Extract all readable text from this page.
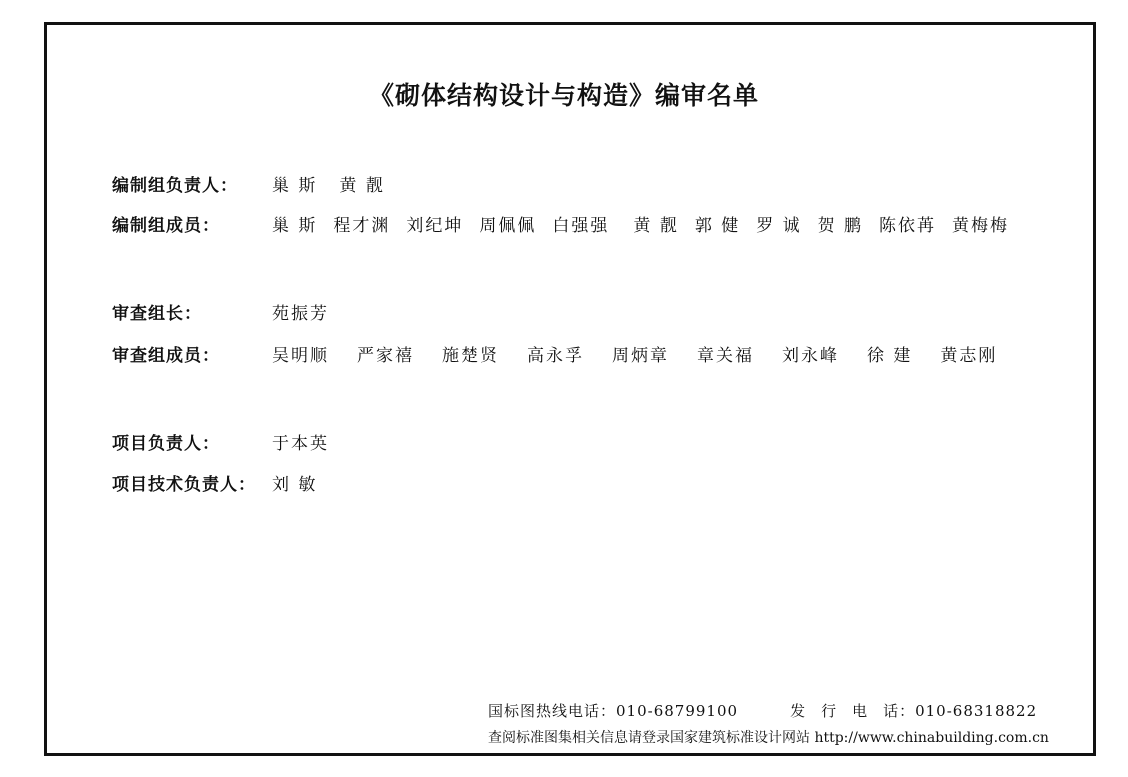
《砌体结构设计与构造》编审名单
编制组负责人： 巢 斯 黄 靓
编制组成员：	巢 斯 程才渊 刘纪坤 周佩佩 白强强 黄 靓 郭 健 罗 诚 贺 鹏 陈依苒 黄梅梅
审查组长：	苑振芳
审查组成员：	吴明顺 严家禧 施楚贤 高永孚 周炳章 章关福 刘永峰 徐 建 黄志刚
项目负责人：	于本英
项目技术负责人： 刘 敏
国标图热线电话：010-68799100	发行电话：010-68318822
查阅标准图集相关信息请登录国家建筑标准设计网站 http://www.chinabuilding.com.cn
